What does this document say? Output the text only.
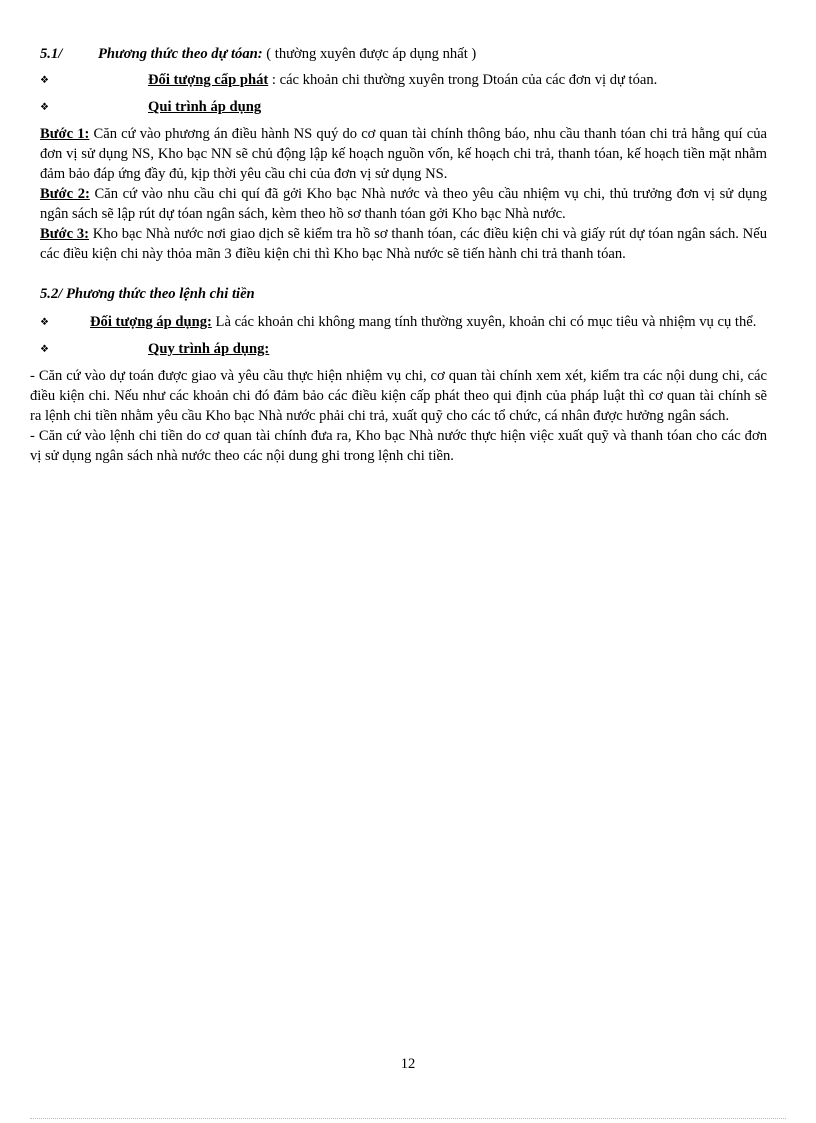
5.1/ Phương thức theo dự tóan: ( thường xuyên được áp dụng nhất )

❖	Đối tượng cấp phát : các khoản chi thường xuyên trong Dtoán của các đơn vị dự tóan.

❖	Qui trình áp dụng

Bước 1: Căn cứ vào phương án điều hành NS quý do cơ quan tài chính thông báo, nhu cầu thanh tóan chi trả hằng quí của đơn vị sử dụng NS, Kho bạc NN sẽ chủ động lập kế hoạch nguồn vốn, kế hoạch chi trả, thanh tóan, kế hoạch tiền mặt nhằm đảm bảo đáp ứng đầy đủ, kịp thời yêu cầu chi của đơn vị sử dụng NS.

Bước 2: Căn cứ vào nhu cầu chi quí đã gởi Kho bạc Nhà nước và theo yêu cầu nhiệm vụ chi, thủ trưởng đơn vị sử dụng ngân sách sẽ lập rút dự tóan ngân sách, kèm theo hồ sơ thanh tóan gởi Kho bạc Nhà nước.

Bước 3: Kho bạc Nhà nước nơi giao dịch sẽ kiểm tra hồ sơ thanh tóan, các điều kiện chi và giấy rút dự tóan ngân sách. Nếu các điều kiện chi này thỏa mãn 3 điều kiện chi thì Kho bạc Nhà nước sẽ tiến hành chi trả thanh tóan.

5.2/ Phương thức theo lệnh chi tiền

❖	Đối tượng áp dụng: Là các khoản chi không mang tính thường xuyên, khoản chi có mục tiêu và nhiệm vụ cụ thể.

❖	Quy trình áp dụng:

- Căn cứ vào dự toán được giao và yêu cầu thực hiện nhiệm vụ chi, cơ quan tài chính xem xét, kiểm tra các nội dung chi, các điều kiện chi. Nếu như các khoản chi đó đảm bảo các điều kiện cấp phát theo qui định của pháp luật thì cơ quan tài chính sẽ ra lệnh chi tiền nhằm yêu cầu Kho bạc Nhà nước phải chi trả, xuất quỹ cho các tổ chức, cá nhân được hưởng ngân sách.

- Căn cứ vào lệnh chi tiền do cơ quan tài chính đưa ra, Kho bạc Nhà nước thực hiện việc xuất quỹ và thanh tóan cho các đơn vị sử dụng ngân sách nhà nước theo các nội dung ghi trong lệnh chi tiền.

12
